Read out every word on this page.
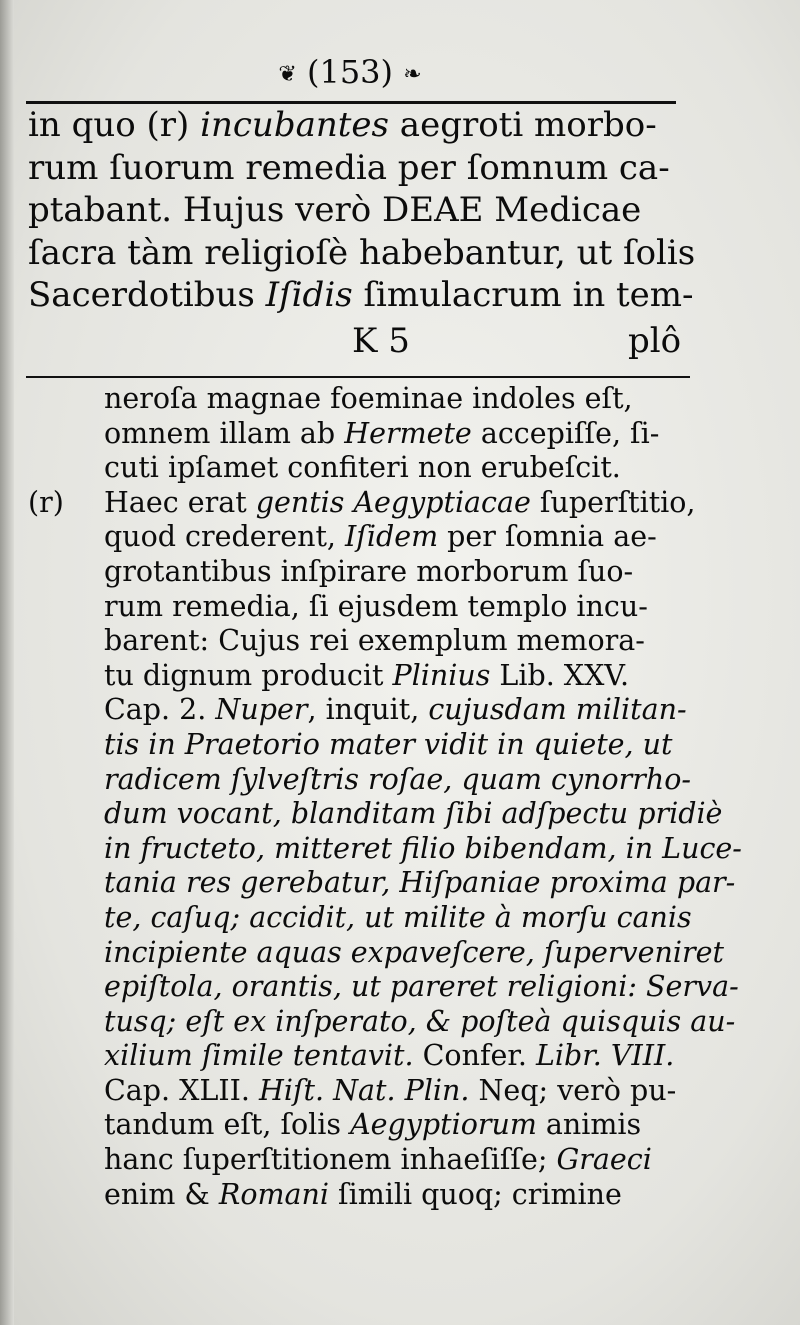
❦ (153) ❧
in quo (r) incubantes aegroti morbo-
rum ſuorum remedia per ſomnum ca-
ptabant. Hujus verò DEAE Medicae
ſacra tàm religioſè habebantur, ut ſolis
Sacerdotibus Iſidis ſimulacrum in tem-
K 5	plô
neroſa magnae foeminae indoles eſt,
omnem illam ab Hermete accepiſſe, ſi-
cuti ipſamet confiteri non erubeſcit.
(r) Haec erat gentis Aegyptiacae ſuperſtitio,
quod crederent, Iſidem per ſomnia ae-
grotantibus inſpirare morborum ſuo-
rum remedia, ſi ejusdem templo incu-
barent: Cujus rei exemplum memora-
tu dignum producit Plinius Lib. XXV.
Cap. 2. Nuper, inquit, cujusdam militan-
tis in Praetorio mater vidit in quiete, ut
radicem ſylveſtris roſae, quam cynorrho-
dum vocant, blanditam ſibi adſpectu pridiè
in fructeto, mitteret filio bibendam, in Luce-
tania res gerebatur, Hiſpaniae proxima par-
te, caſuq; accidit, ut milite à morſu canis
incipiente aquas expaveſcere, ſuperveniret
epiſtola, orantis, ut pareret religioni: Serva-
tusq; eſt ex inſperato, & poſteà quisquis au-
xilium ſimile tentavit. Confer. Libr. VIII.
Cap. XLII. Hiſt. Nat. Plin. Neq; verò pu-
tandum eſt, ſolis Aegyptiorum animis
hanc ſuperſtitionem inhaeſiſſe; Graeci
enim & Romani ſimili quoq; crimine
